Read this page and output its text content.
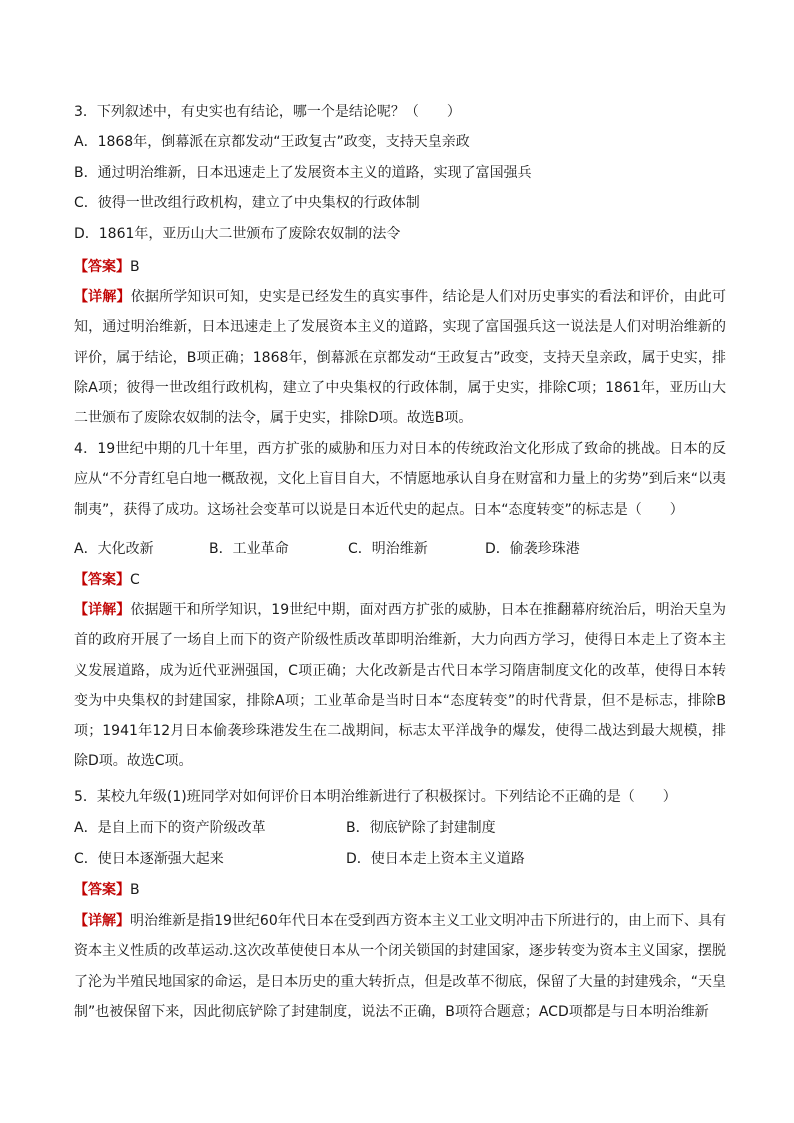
3．下列叙述中，有史实也有结论，哪一个是结论呢？（　　）
A．1868年，倒幕派在京都发动“王政复古”政变，支持天皇亲政
B．通过明治维新，日本迅速走上了发展资本主义的道路，实现了富国强兵
C．彼得一世改组行政机构，建立了中央集权的行政体制
D．1861年，亚历山大二世颁布了废除农奴制的法令
【答案】B
【详解】依据所学知识可知，史实是已经发生的真实事件，结论是人们对历史事实的看法和评价，由此可知，通过明治维新，日本迅速走上了发展资本主义的道路，实现了富国强兵这一说法是人们对明治维新的评价，属于结论，B项正确；1868年，倒幕派在京都发动“王政复古”政变，支持天皇亲政，属于史实，排除A项；彼得一世改组行政机构，建立了中央集权的行政体制，属于史实，排除C项；1861年，亚历山大二世颁布了废除农奴制的法令，属于史实，排除D项。故选B项。
4．19世纪中期的几十年里，西方扩张的威胁和压力对日本的传统政治文化形成了致命的挑战。日本的反应从“不分青红皂白地一概敌视，文化上盲目自大，不情愿地承认自身在财富和力量上的劣势”到后来“以夷制夷”，获得了成功。这场社会变革可以说是日本近代史的起点。日本“态度转变”的标志是（　　）
A．大化改新	B．工业革命	C．明治维新	D．偷袭珍珠港
【答案】C
【详解】依据题干和所学知识，19世纪中期，面对西方扩张的威胁，日本在推翻幕府统治后，明治天皇为首的政府开展了一场自上而下的资产阶级性质改革即明治维新，大力向西方学习，使得日本走上了资本主义发展道路，成为近代亚洲强国，C项正确；大化改新是古代日本学习隋唐制度文化的改革，使得日本转变为中央集权的封建国家，排除A项；工业革命是当时日本“态度转变”的时代背景，但不是标志，排除B项；1941年12月日本偷袭珍珠港发生在二战期间，标志太平洋战争的爆发，使得二战达到最大规模，排除D项。故选C项。
5．某校九年级(1)班同学对如何评价日本明治维新进行了积极探讨。下列结论不正确的是（　　）
A．是自上而下的资产阶级改革	B．彻底铲除了封建制度
C．使日本逐渐强大起来	D．使日本走上资本主义道路
【答案】B
【详解】明治维新是指19世纪60年代日本在受到西方资本主义工业文明冲击下所进行的，由上而下、具有资本主义性质的改革运动.这次改革使使日本从一个闭关锁国的封建国家，逐步转变为资本主义国家，摆脱了沦为半殖民地国家的命运，是日本历史的重大转折点，但是改革不彻底，保留了大量的封建残余，“天皇制”也被保留下来，因此彻底铲除了封建制度，说法不正确，B项符合题意；ACD项都是与日本明治维新
